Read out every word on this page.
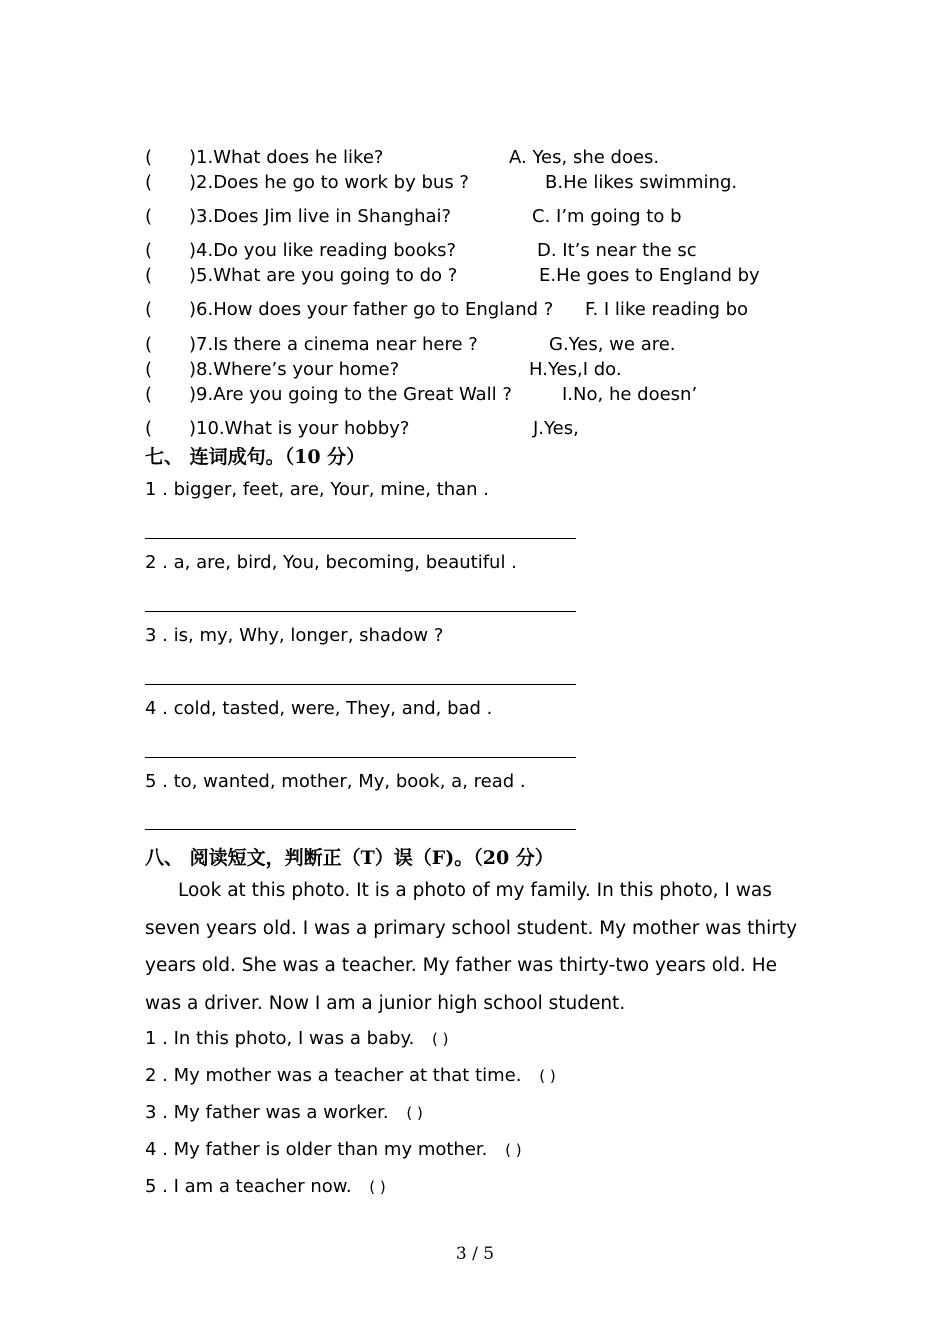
( )1.What does he like?	A. Yes, she does.
( )2.Does he go to work by bus ?	B.He likes swimming.
( )3.Does Jim live in Shanghai?	C. I’m going to b
( )4.Do you like reading books?	D. It’s near the sc
( )5.What are you going to do ?	E.He goes to England by
( )6.How does your father go to England ? F. I like reading bo
( )7.Is there a cinema near here ?	G.Yes, we are.
( )8.Where’s your home?	H.Yes,I do.
( )9.Are you going to the Great Wall ?	I.No, he doesn’
( )10.What is your hobby?	J.Yes,
七、 连词成句。（10 分）
1 . bigger, feet, are, Your, mine, than .
2 . a, are, bird, You, becoming, beautiful .
3 . is, my, Why, longer, shadow ?
4 . cold, tasted, were, They, and, bad .
5 . to, wanted, mother, My, book, a, read .
八、 阅读短文，判断正（T）误（F)。（20 分）
Look at this photo. It is a photo of my family. In this photo, I was seven years old. I was a primary school student. My mother was thirty years old. She was a teacher. My father was thirty-two years old. He was a driver. Now I am a junior high school student.
1 . In this photo, I was a baby. ( )
2 . My mother was a teacher at that time. ( )
3 . My father was a worker. ( )
4 . My father is older than my mother. ( )
5 . I am a teacher now. ( )
3 / 5
